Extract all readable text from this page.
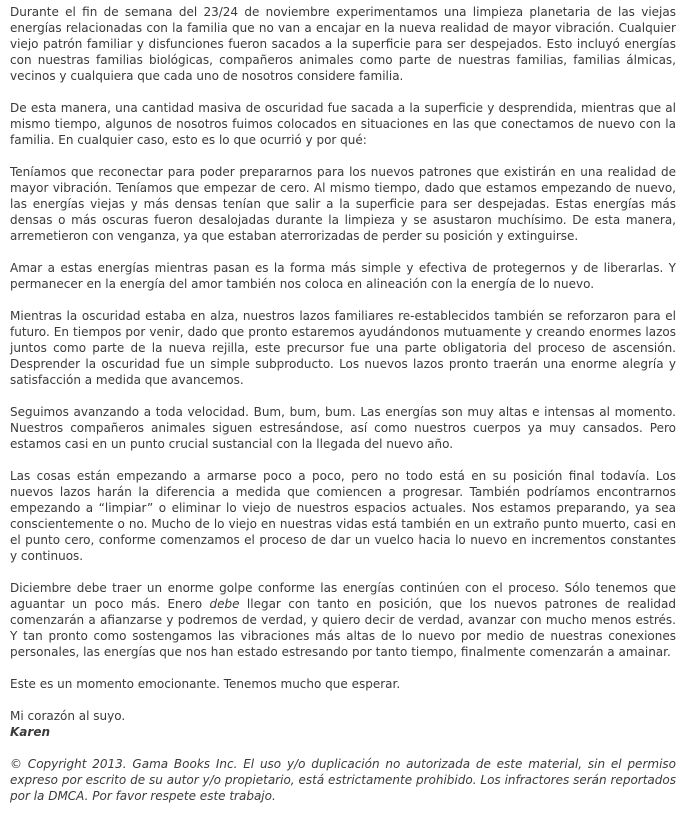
Durante el fin de semana del 23/24 de noviembre experimentamos una limpieza planetaria de las viejas energías relacionadas con la familia que no van a encajar en la nueva realidad de mayor vibración. Cualquier viejo patrón familiar y disfunciones fueron sacados a la superficie para ser despejados. Esto incluyó energías con nuestras familias biológicas, compañeros animales como parte de nuestras familias, familias álmicas, vecinos y cualquiera que cada uno de nosotros considere familia.

De esta manera, una cantidad masiva de oscuridad fue sacada a la superficie y desprendida, mientras que al mismo tiempo, algunos de nosotros fuimos colocados en situaciones en las que conectamos de nuevo con la familia. En cualquier caso, esto es lo que ocurrió y por qué:

Teníamos que reconectar para poder prepararnos para los nuevos patrones que existirán en una realidad de mayor vibración. Teníamos que empezar de cero. Al mismo tiempo, dado que estamos empezando de nuevo, las energías viejas y más densas tenían que salir a la superficie para ser despejadas. Estas energías más densas o más oscuras fueron desalojadas durante la limpieza y se asustaron muchísimo. De esta manera, arremetieron con venganza, ya que estaban aterrorizadas de perder su posición y extinguirse.

Amar a estas energías mientras pasan es la forma más simple y efectiva de protegernos y de liberarlas. Y permanecer en la energía del amor también nos coloca en alineación con la energía de lo nuevo.

Mientras la oscuridad estaba en alza, nuestros lazos familiares re-establecidos también se reforzaron para el futuro. En tiempos por venir, dado que pronto estaremos ayudándonos mutuamente y creando enormes lazos juntos como parte de la nueva rejilla, este precursor fue una parte obligatoria del proceso de ascensión. Desprender la oscuridad fue un simple subproducto. Los nuevos lazos pronto traerán una enorme alegría y satisfacción a medida que avancemos.

Seguimos avanzando a toda velocidad. Bum, bum, bum. Las energías son muy altas e intensas al momento. Nuestros compañeros animales siguen estresándose, así como nuestros cuerpos ya muy cansados. Pero estamos casi en un punto crucial sustancial con la llegada del nuevo año.

Las cosas están empezando a armarse poco a poco, pero no todo está en su posición final todavía. Los nuevos lazos harán la diferencia a medida que comiencen a progresar. También podríamos encontrarnos empezando a “limpiar” o eliminar lo viejo de nuestros espacios actuales. Nos estamos preparando, ya sea conscientemente o no. Mucho de lo viejo en nuestras vidas está también en un extraño punto muerto, casi en el punto cero, conforme comenzamos el proceso de dar un vuelco hacia lo nuevo en incrementos constantes y continuos.

Diciembre debe traer un enorme golpe conforme las energías continúen con el proceso. Sólo tenemos que aguantar un poco más. Enero debe llegar con tanto en posición, que los nuevos patrones de realidad comenzarán a afianzarse y podremos de verdad, y quiero decir de verdad, avanzar con mucho menos estrés. Y tan pronto como sostengamos las vibraciones más altas de lo nuevo por medio de nuestras conexiones personales, las energías que nos han estado estresando por tanto tiempo, finalmente comenzarán a amainar.

Este es un momento emocionante. Tenemos mucho que esperar.

Mi corazón al suyo.
Karen

© Copyright 2013. Gama Books Inc. El uso y/o duplicación no autorizada de este material, sin el permiso expreso por escrito de su autor y/o propietario, está estrictamente prohibido. Los infractores serán reportados por la DMCA. Por favor respete este trabajo.
